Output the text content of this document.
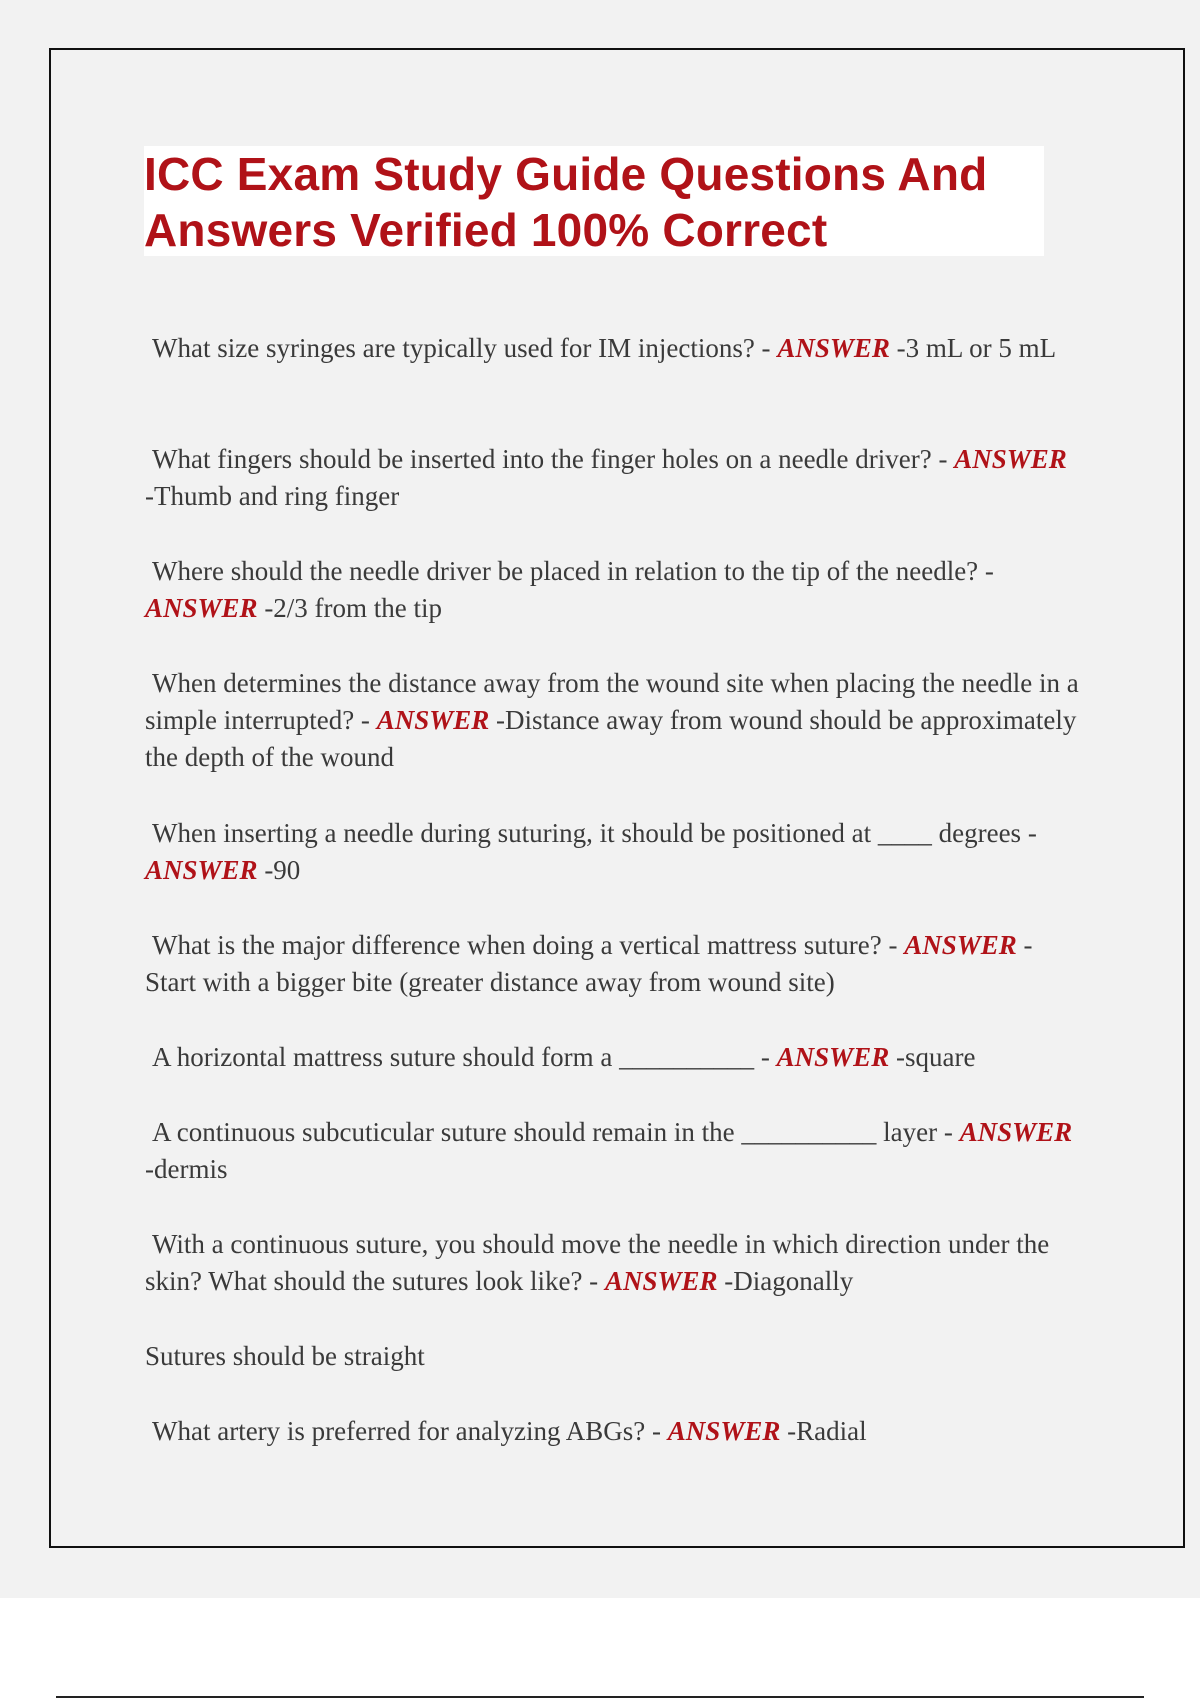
ICC Exam Study Guide Questions And
Answers Verified 100% Correct

What size syringes are typically used for IM injections? - ANSWER -3 mL or 5 mL

What fingers should be inserted into the finger holes on a needle driver? - ANSWER -Thumb and ring finger

Where should the needle driver be placed in relation to the tip of the needle? - ANSWER -2/3 from the tip

When determines the distance away from the wound site when placing the needle in a simple interrupted? - ANSWER -Distance away from wound should be approximately the depth of the wound

When inserting a needle during suturing, it should be positioned at ____ degrees - ANSWER -90

What is the major difference when doing a vertical mattress suture? - ANSWER -Start with a bigger bite (greater distance away from wound site)

A horizontal mattress suture should form a __________ - ANSWER -square

A continuous subcuticular suture should remain in the __________ layer - ANSWER -dermis

With a continuous suture, you should move the needle in which direction under the skin? What should the sutures look like? - ANSWER -Diagonally

Sutures should be straight

What artery is preferred for analyzing ABGs? - ANSWER -Radial
